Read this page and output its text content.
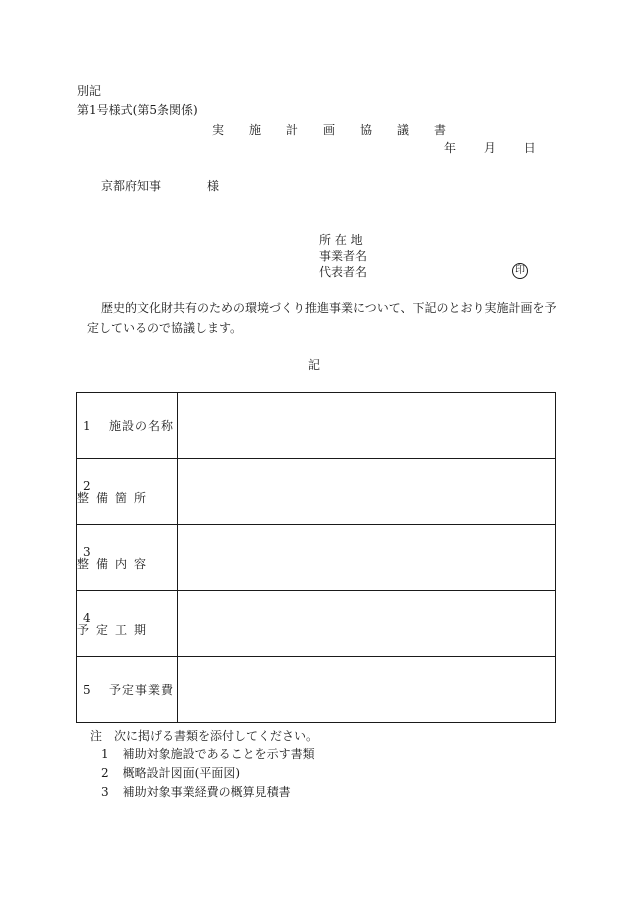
別記
第1号様式(第5条関係)
実施計画協議書
年 月 日
京都府知事	様
所 在 地
事業者名
代表者名	印
歴史的文化財共有のための環境づくり推進事業について、下記のとおり実施計画を予
定しているので協議します。
記
1 施設の名称	
2整備箇所	
3整備内容	
4予定工期	
5 予定事業費	
注　次に掲げる書類を添付してください。
1 補助対象施設であることを示す書類
2 概略設計図面(平面図)
3 補助対象事業経費の概算見積書
